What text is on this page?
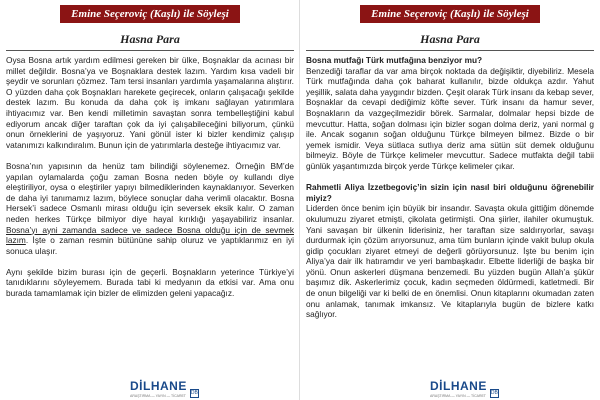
Emine Seçeroviç (Kaşlı) ile Söyleşi
Hasna Para

Oysa Bosna artık yardım edilmesi gereken bir ülke, Boşnaklar da acınası bir millet değildir. Bosna’ya ve Boşnaklara destek lazım. Yardım kısa vadeli bir şeydir ve sorunları çözmez. Tam tersi insanları yardımla yaşamalarına alıştırır. O yüzden daha çok Boşnakları harekete geçirecek, onların çalışacağı şekilde destek lazım. Bu konuda da daha çok iş imkanı sağlayan yatırımlara ihtiyacımız var. Ben kendi milletimin savaştan sonra tembelleştiğini kabul ediyorum ancak diğer taraftan çok da iyi çalışabileceğini biliyorum, çünkü onun örneklerini de yaşıyoruz. Yani gönül ister ki bizler kendimiz çalışıp vatanımızı kalkındıralım. Bunun için de yatırımlarla desteğe ihtiyacımız var.

Bosna’nın yapısının da henüz tam bilindiği söylenemez. Örneğin BM’de yapılan oylamalarda çoğu zaman Bosna neden böyle oy kullandı diye eleştiriliyor, oysa o eleştiriler yapıyı bilmediklerinden kaynaklanıyor. Severken de daha iyi tanımamız lazım, böylece sonuçlar daha verimli olacaktır. Bosna Hersek’i sadece Osmanlı mirası olduğu için seversek eksik kalır. O zaman neden herkes Türkçe bilmiyor diye hayal kırıklığı yaşayabiliriz insanlar. Bosna’yı ayni zamanda sadece ve sadece Bosna olduğu için de sevmek lazım. İşte o zaman resmin bütününe sahip oluruz ve yaptıklarımız en iyi sonuca ulaşır.

Aynı şekilde bizim burası için de geçerli. Boşnakların yeterince Türkiye’yi tanıdıklarını söyleyemem. Burada tabi ki medyanın da etkisi var. Ama onu burada tamamlamak için bizler de elimizden geleni yapacağız.

DİLHANE
ARAŞTIRMA — YAYIN — TİCARET DB
Emine Seçeroviç (Kaşlı) ile Söyleşi
Hasna Para

Bosna mutfağı Türk mutfağına benziyor mu?

Benzediği taraflar da var ama birçok noktada da değişiktir, diyebiliriz. Mesela Türk mutfağında daha çok baharat kullanılır, bizde oldukça azdır. Yahut yeşillik, salata daha yaygındır bizden. Çeşit olarak Türk insanı da kebap sever, Boşnaklar da cevapi dediğimiz köfte sever. Türk insanı da hamur sever, Boşnakların da vazgeçilmezidir börek. Sarmalar, dolmalar hepsi bizde de mevcuttur. Hatta, soğan dolması için bizler sogan dolma deriz, yani normal g ile. Ancak soganın soğan olduğunu Türkçe bilmeyen bilmez. Bizde o bir yemek ismidir. Veya sütlaca sutlıya deriz ama sütün süt demek olduğunu bilmeyiz. Böyle de Türkçe kelimeler mevcuttur. Sadece mutfakta değil tabii günlük yaşantımızda birçok yerde Türkçe kelimeler çıkar.

Rahmetli Aliya İzzetbegoviç’in sizin için nasıl biri olduğunu öğrenebilir miyiz?

Liderden önce benim için büyük bir insandır. Savaşta okula gittiğim dönemde okulumuzu ziyaret etmişti, çikolata getirmişti. Ona şiirler, ilahiler okumuştuk. Yani savaşan bir ülkenin liderisiniz, her taraftan size saldırıyorlar, savaşı durdurmak için çözüm arıyorsunuz, ama tüm bunların içinde vakit bulup okula gidip çocukları ziyaret etmeyi de değerli görüyorsunuz. İşte bu benim için Aliya’ya dair ilk hatıramdır ve yeri bambaşkadır. Elbette liderliği de başka bir yönü. Onun askerleri düşmana benzemedi. Bu yüzden bugün Allah’a şükür başımız dik. Askerlerimiz çocuk, kadın seçmeden öldürmedi, katletmedi. Bir de onun bilgeliği var ki belki de en önemlisi. Onun kitaplarını okumadan zaten onu anlamak, tanımak imkansız. Ve kitaplarıyla bugün de bizlere katkı sağlıyor.

DİLHANE
ARAŞTIRMA — YAYIN — TİCARET DB
